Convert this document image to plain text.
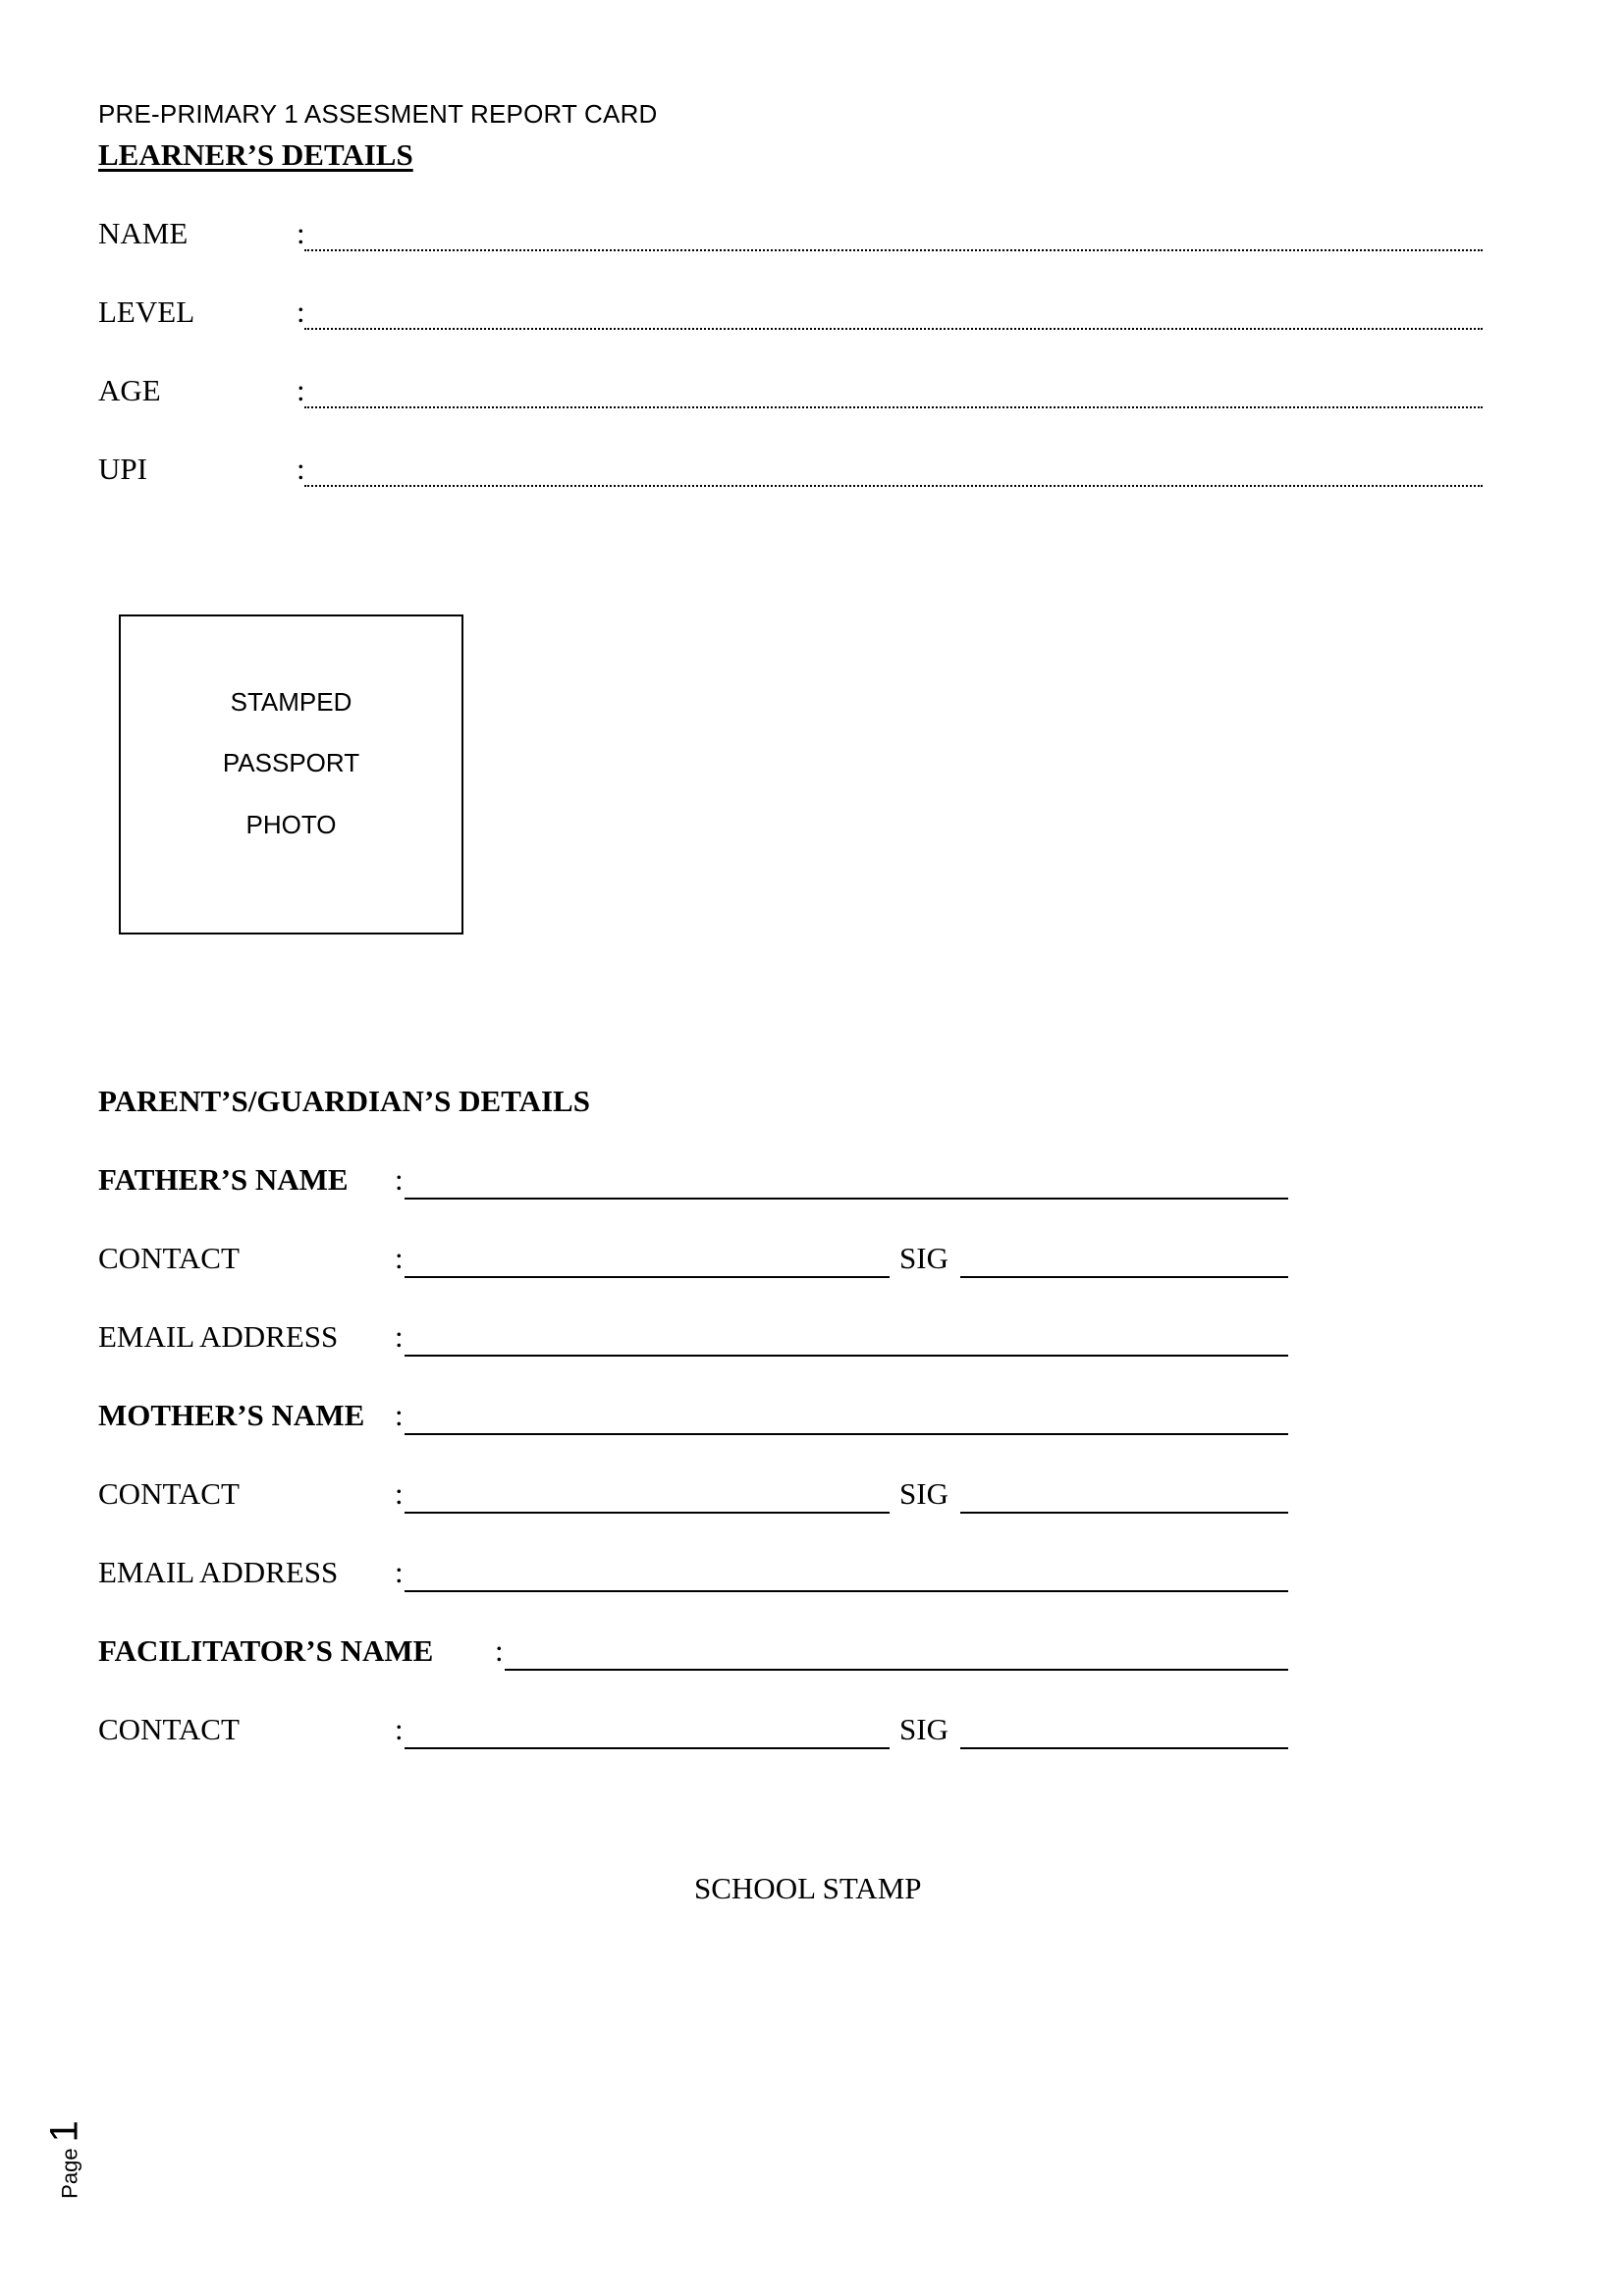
PRE-PRIMARY 1 ASSESMENT REPORT CARD
LEARNER’S DETAILS
NAME	:
LEVEL	:
AGE	:
UPI	:
STAMPED
PASSPORT
PHOTO
PARENT’S/GUARDIAN’S DETAILS
FATHER’S NAME :
CONTACT	:	SIG
EMAIL ADDRESS :
MOTHER’S NAME :
CONTACT	:	SIG
EMAIL ADDRESS :
FACILITATOR’S NAME :
CONTACT	:	SIG
SCHOOL STAMP
Page1
